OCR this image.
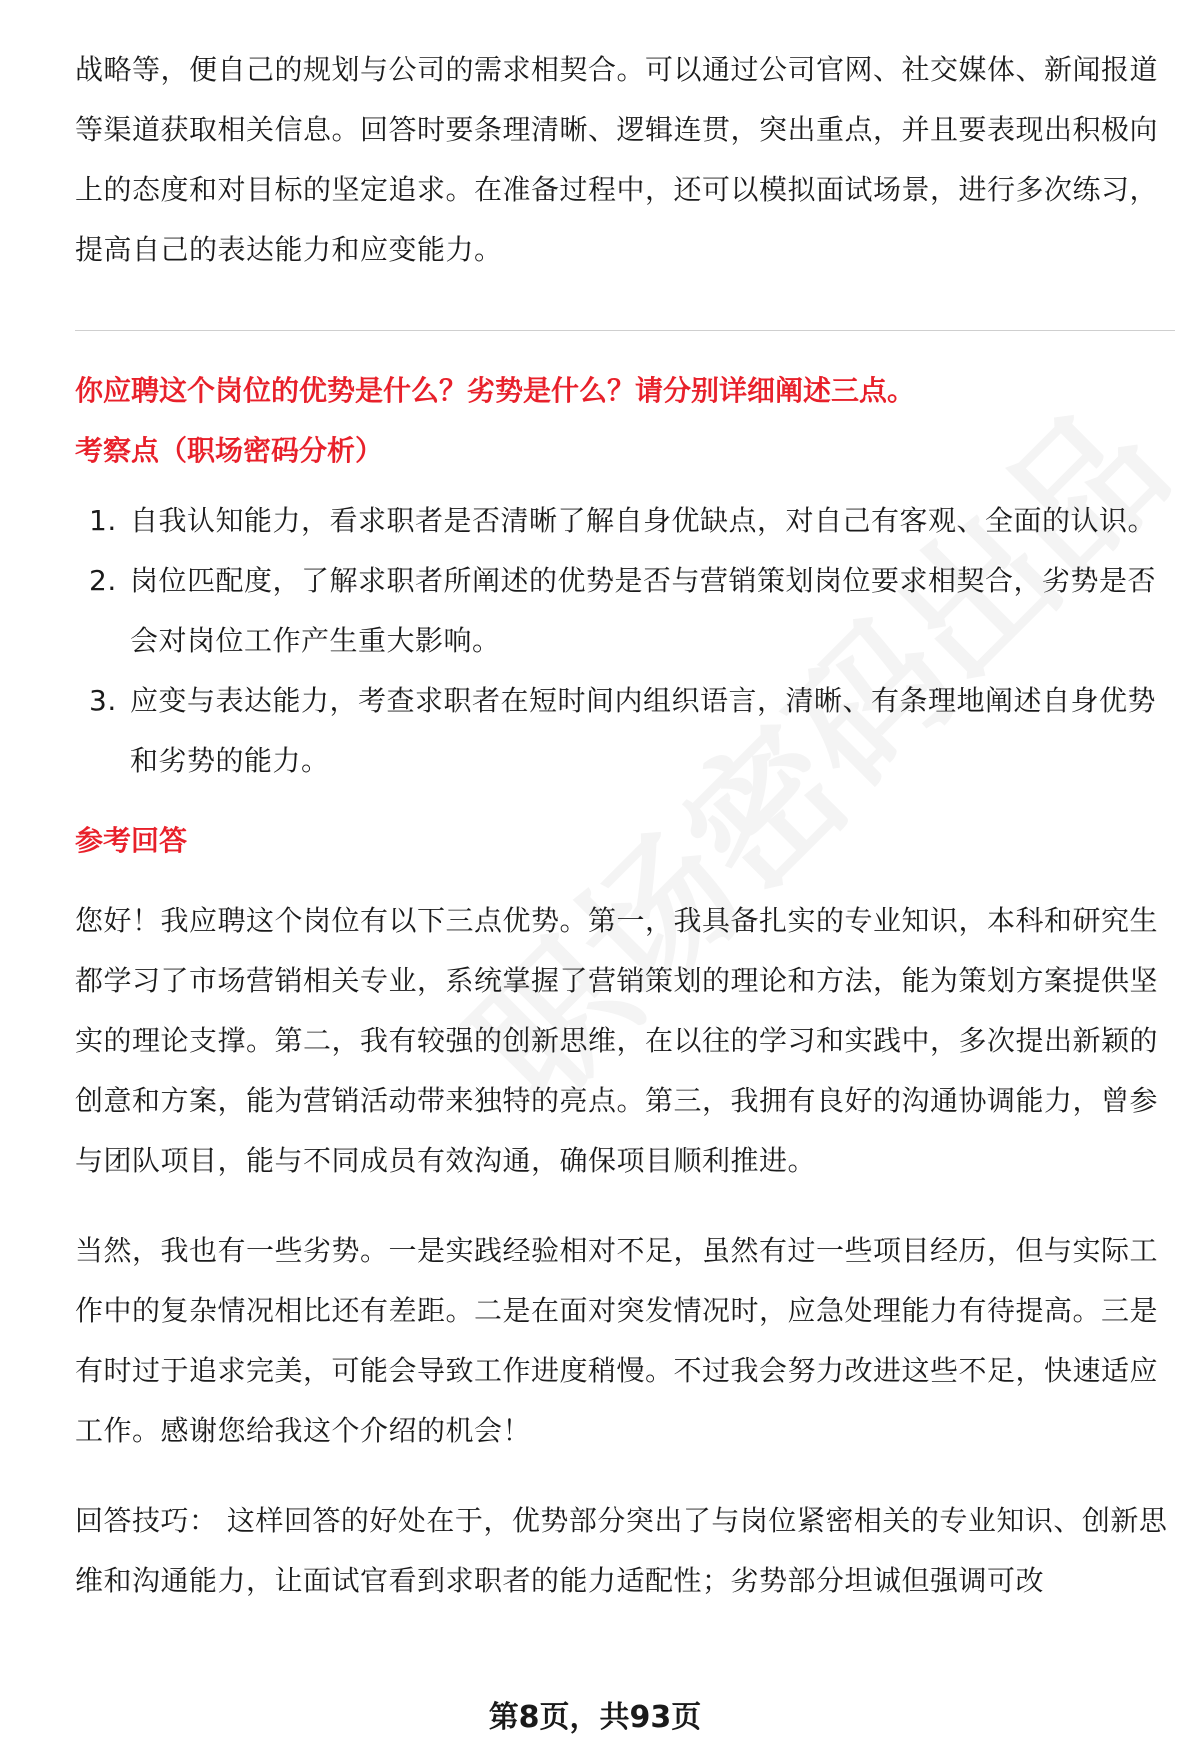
战略等，便自己的规划与公司的需求相契合。可以通过公司官网、社交媒体、新闻报道等渠道获取相关信息。回答时要条理清晰、逻辑连贯，突出重点，并且要表现出积极向上的态度和对目标的坚定追求。在准备过程中，还可以模拟面试场景，进行多次练习，提高自己的表达能力和应变能力。

你应聘这个岗位的优势是什么？劣势是什么？请分别详细阐述三点。

考察点（职场密码分析）

1. 自我认知能力，看求职者是否清晰了解自身优缺点，对自己有客观、全面的认识。
2. 岗位匹配度，了解求职者所阐述的优势是否与营销策划岗位要求相契合，劣势是否会对岗位工作产生重大影响。
3. 应变与表达能力，考查求职者在短时间内组织语言，清晰、有条理地阐述自身优势和劣势的能力。

参考回答

您好！我应聘这个岗位有以下三点优势。第一，我具备扎实的专业知识，本科和研究生都学习了市场营销相关专业，系统掌握了营销策划的理论和方法，能为策划方案提供坚实的理论支撑。第二，我有较强的创新思维，在以往的学习和实践中，多次提出新颖的创意和方案，能为营销活动带来独特的亮点。第三，我拥有良好的沟通协调能力，曾参与团队项目，能与不同成员有效沟通，确保项目顺利推进。

当然，我也有一些劣势。一是实践经验相对不足，虽然有过一些项目经历，但与实际工作中的复杂情况相比还有差距。二是在面对突发情况时，应急处理能力有待提高。三是有时过于追求完美，可能会导致工作进度稍慢。不过我会努力改进这些不足，快速适应工作。感谢您给我这个介绍的机会！

回答技巧： 这样回答的好处在于，优势部分突出了与岗位紧密相关的专业知识、创新思维和沟通能力，让面试官看到求职者的能力适配性；劣势部分坦诚但强调可改

第8页，共93页
